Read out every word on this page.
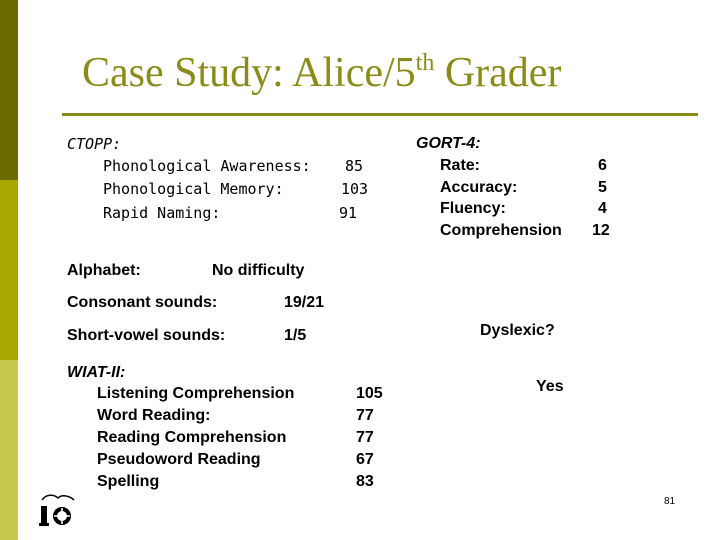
Case Study: Alice/5th Grader
CTOPP:
Phonological Awareness: 85
Phonological Memory:	103
Rapid Naming:	91
GORT-4:
Rate:	6
Accuracy:	5
Fluency:	4
Comprehension 12
Alphabet:	No difficulty
Consonant sounds:	19/21
Short-vowel sounds:	1/5	Dyslexic?
Yes
WIAT-II:
Listening Comprehension	105
Word Reading:	77
Reading Comprehension	77
Pseudoword Reading	67
Spelling	83
81
